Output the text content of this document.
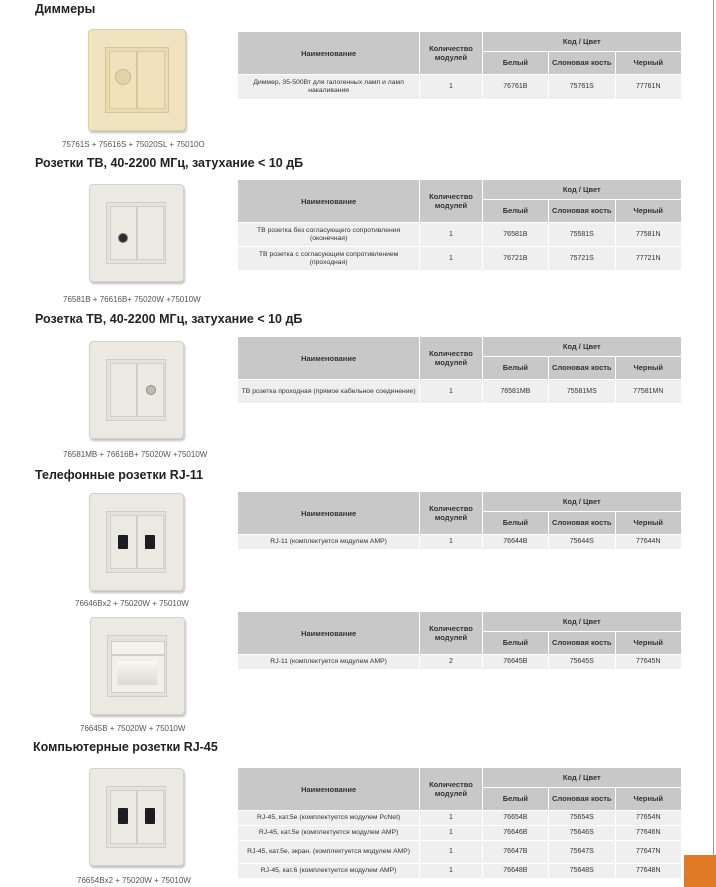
Диммеры
75761S + 75616S + 75020SL + 75010O
Наименование	Количество модулей	Код / Цвет		
		Белый	Слоновая кость	Черный
Диммер, 35-500Вт для галогенных ламп и ламп накаливания	1	76761B	75761S	77761N
Розетки ТВ, 40-2200 МГц, затухание < 10 дБ
76581B + 76616B+ 75020W +75010W
Наименование	Количество модулей	Код / Цвет		
		Белый	Слоновая кость	Черный
ТВ розетка без согласующего сопротивления (оконечная)	1	76581B	75581S	77581N
ТВ розетка с согласующим сопротивлением (проходная)	1	76721B	75721S	77721N
Розетка ТВ, 40-2200 МГц, затухание < 10 дБ
76581MB + 76616B+ 75020W +75010W
Наименование	Количество модулей	Код / Цвет		
		Белый	Слоновая кость	Черный
ТВ розетка проходная (прямое кабельное соединение)	1	76581MB	75581MS	77581MN
Телефонные розетки RJ-11
76646Bx2 + 75020W + 75010W
Наименование	Количество модулей	Код / Цвет		
		Белый	Слоновая кость	Черный
RJ-11 (комплектуется модулем AMP)	1	76644B	75644S	77644N
76645B + 75020W + 75010W
Наименование	Количество модулей	Код / Цвет		
		Белый	Слоновая кость	Черный
RJ-11 (комплектуется модулем AMP)	2	76645B	75645S	77645N
Компьютерные розетки RJ-45
76654Bx2 + 75020W + 75010W
Наименование	Количество модулей	Код / Цвет		
		Белый	Слоновая кость	Черный
RJ-45, кат.5е (комплектуется модулем PcNet)	1	76654B	75654S	77654N
RJ-45, кат.5е (комплектуется модулем AMP)	1	76646B	75646S	77646N
RJ-45, кат.5е, экран. (комплектуется модулем AMP)	1	76647B	75647S	77647N
RJ-45, кат.6 (комплектуется модулем AMP)	1	76648B	75648S	77648N
